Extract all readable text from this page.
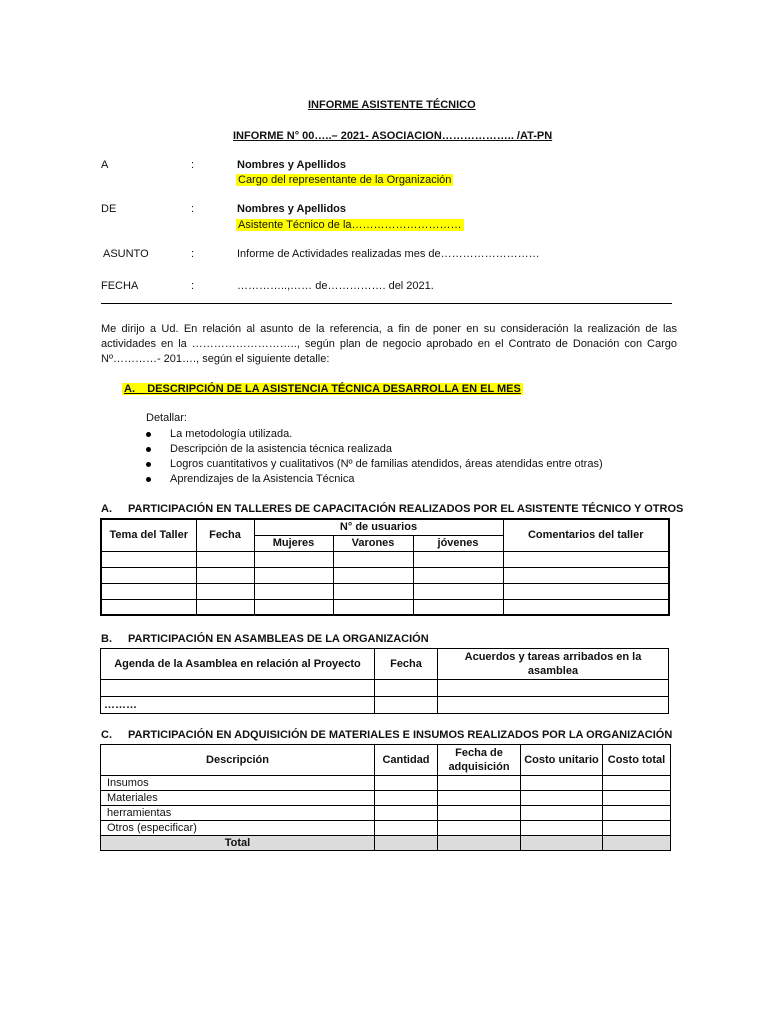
INFORME ASISTENTE TÉCNICO
INFORME N° 00…..– 2021- ASOCIACION……………….. /AT-PN
A	:	Nombres y Apellidos
Cargo del representante de la Organización
DE	:	Nombres y Apellidos
Asistente Técnico de la…………………………
ASUNTO	:	Informe de Actividades realizadas mes de………………………
FECHA	:	…………..,…… de……………. del 2021.
Me dirijo a Ud. En relación al asunto de la referencia, a fin de poner en su consideración la realización de las
actividades en la ……………………….., según plan de negocio aprobado en el Contrato de Donación con Cargo
Nº…………- 201…., según el siguiente detalle:
A. DESCRIPCIÓN DE LA ASISTENCIA TÉCNICA DESARROLLA EN EL MES
Detallar:
La metodología utilizada.
Descripción de la asistencia técnica realizada
Logros cuantitativos y cualitativos (Nº de familias atendidos, áreas atendidas entre otras)
Aprendizajes de la Asistencia Técnica
A. PARTICIPACIÓN EN TALLERES DE CAPACITACIÓN REALIZADOS POR EL ASISTENTE TÉCNICO Y OTROS
Tema del Taller	Fecha	N° de usuarios			Comentarios del taller
		Mujeres	Varones	jóvenes	

B. PARTICIPACIÓN EN ASAMBLEAS DE LA ORGANIZACIÓN
Agenda de la Asamblea en relación al Proyecto	Fecha	Acuerdos y tareas arribados en la asamblea

………		
C. PARTICIPACIÓN EN ADQUISICIÓN DE MATERIALES E INSUMOS REALIZADOS POR LA ORGANIZACIÓN
Descripción	Cantidad	Fecha de adquisición	Costo unitario	Costo total
Insumos				
Materiales				
herramientas				
Otros (especificar)				
Total				
